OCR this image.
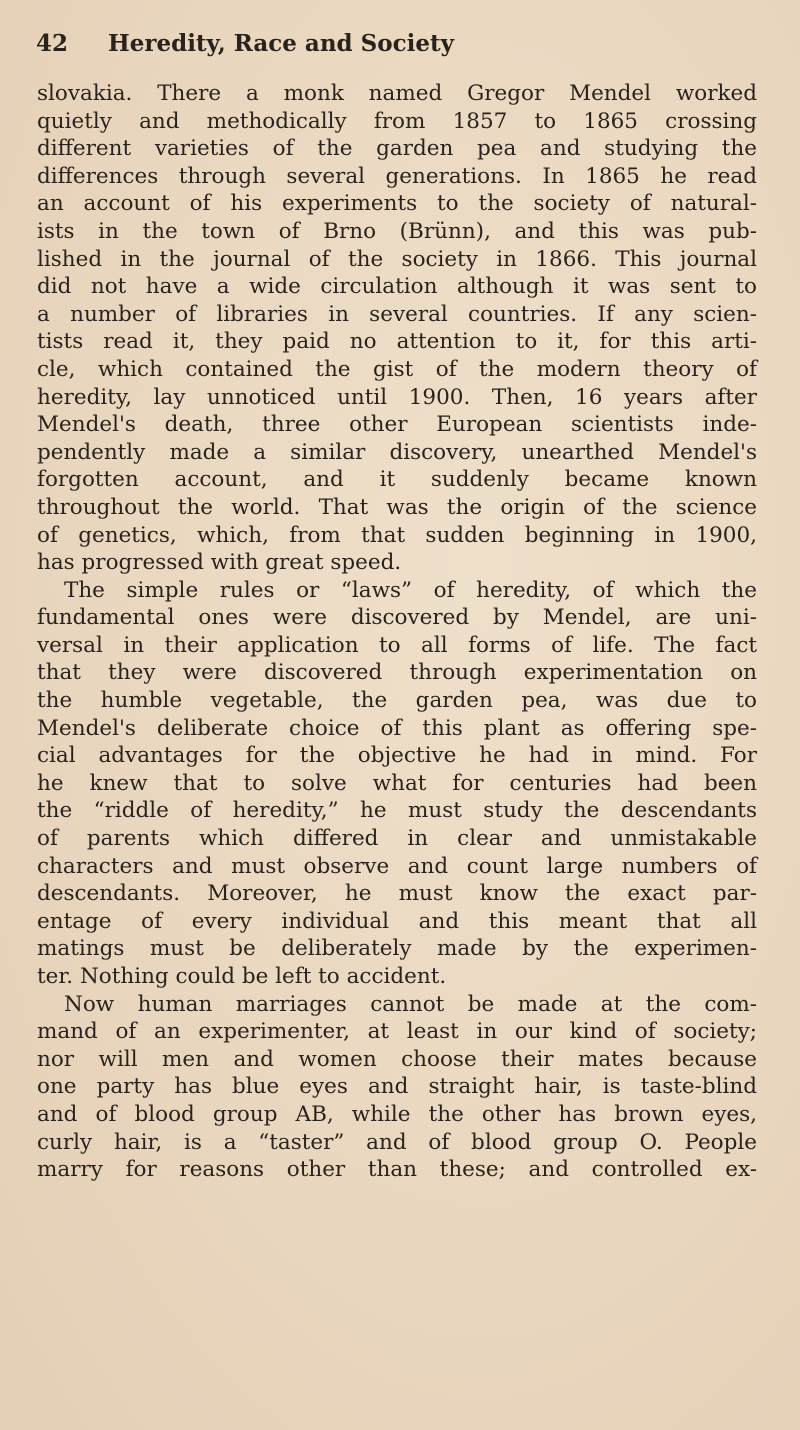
42 Heredity, Race and Society
slovakia. There a monk named Gregor Mendel worked
quietly and methodically from 1857 to 1865 crossing
different varieties of the garden pea and studying the
differences through several generations. In 1865 he read
an account of his experiments to the society of natural-
ists in the town of Brno (Brünn), and this was pub-
lished in the journal of the society in 1866. This journal
did not have a wide circulation although it was sent to
a number of libraries in several countries. If any scien-
tists read it, they paid no attention to it, for this arti-
cle, which contained the gist of the modern theory of
heredity, lay unnoticed until 1900. Then, 16 years after
Mendel's death, three other European scientists inde-
pendently made a similar discovery, unearthed Mendel's
forgotten account, and it suddenly became known
throughout the world. That was the origin of the science
of genetics, which, from that sudden beginning in 1900,
has progressed with great speed.
The simple rules or “laws” of heredity, of which the
fundamental ones were discovered by Mendel, are uni-
versal in their application to all forms of life. The fact
that they were discovered through experimentation on
the humble vegetable, the garden pea, was due to
Mendel's deliberate choice of this plant as offering spe-
cial advantages for the objective he had in mind. For
he knew that to solve what for centuries had been
the “riddle of heredity,” he must study the descendants
of parents which differed in clear and unmistakable
characters and must observe and count large numbers of
descendants. Moreover, he must know the exact par-
entage of every individual and this meant that all
matings must be deliberately made by the experimen-
ter. Nothing could be left to accident.
Now human marriages cannot be made at the com-
mand of an experimenter, at least in our kind of society;
nor will men and women choose their mates because
one party has blue eyes and straight hair, is taste-blind
and of blood group AB, while the other has brown eyes,
curly hair, is a “taster” and of blood group O. People
marry for reasons other than these; and controlled ex-
